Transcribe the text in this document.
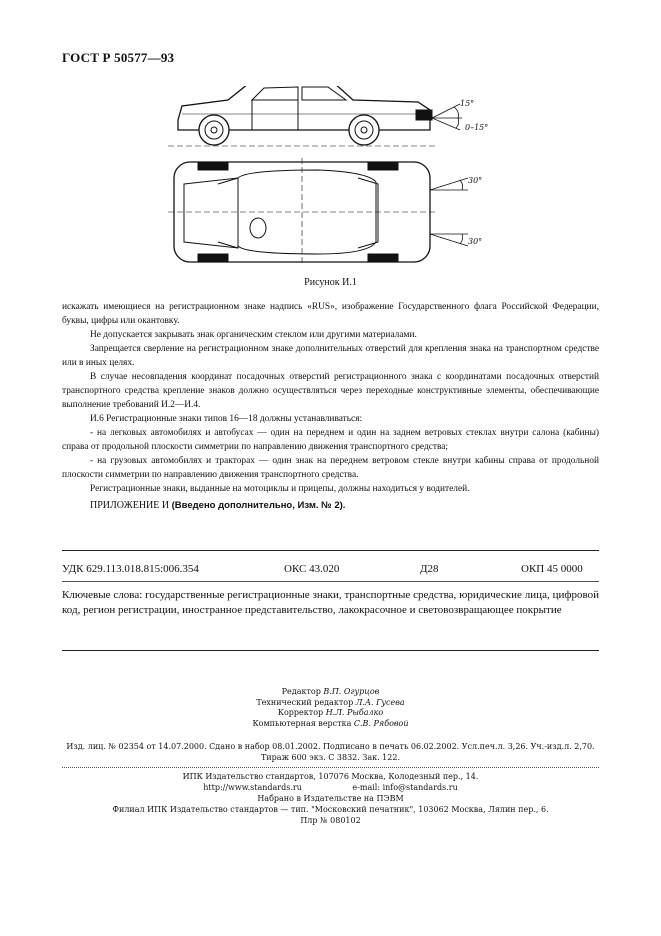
ГОСТ Р 50577—93
15°
0–15°
30°
30°
Рисунок И.1

искажать имеющиеся на регистрационном знаке надпись «RUS», изображение Государственного флага Российской Федерации, буквы, цифры или окантовку.

Не допускается закрывать знак органическим стеклом или другими материалами.

Запрещается сверление на регистрационном знаке дополнительных отверстий для крепления знака на транспортном средстве или в иных целях.

В случае несовпадения координат посадочных отверстий регистрационного знака с координатами посадочных отверстий транспортного средства крепление знаков должно осуществляться через переходные конструктивные элементы, обеспечивающие выполнение требований И.2—И.4.

И.6 Регистрационные знаки типов 16—18 должны устанавливаться:

- на легковых автомобилях и автобусах — один на переднем и один на заднем ветровых стеклах внутри салона (кабины) справа от продольной плоскости симметрии по направлению движения транспортного средства;

- на грузовых автомобилях и тракторах — один знак на переднем ветровом стекле внутри кабины справа от продольной плоскости симметрии по направлению движения транспортного средства.

Регистрационные знаки, выданные на мотоциклы и прицепы, должны находиться у водителей.

ПРИЛОЖЕНИЕ И (Введено дополнительно, Изм. № 2).
УДК 629.113.018.815:006.354	ОКС 43.020	Д28	ОКП 45 0000
Ключевые слова: государственные регистрационные знаки, транспортные средства, юридические лица, цифровой код, регион регистрации, иностранное представительство, лакокрасочное и световозвращающее покрытие
Редактор В.П. Огурцов
Технический редактор Л.А. Гусева
Корректор Н.Л. Рыбалко
Компьютерная верстка С.В. Рябовой
Изд. лиц. № 02354 от 14.07.2000. Сдано в набор 08.01.2002. Подписано в печать 06.02.2002. Усл.печ.л. 3,26. Уч.-изд.л. 2,70.
Тираж 600 экз. С 3832. Зак. 122.
ИПК Издательство стандартов, 107076 Москва, Колодезный пер., 14.
http://www.standards.ru	e-mail: info@standards.ru
Набрано в Издательстве на ПЭВМ
Филиал ИПК Издательство стандартов — тип. "Московский печатник", 103062 Москва, Лялин пер., 6.
Плр № 080102
